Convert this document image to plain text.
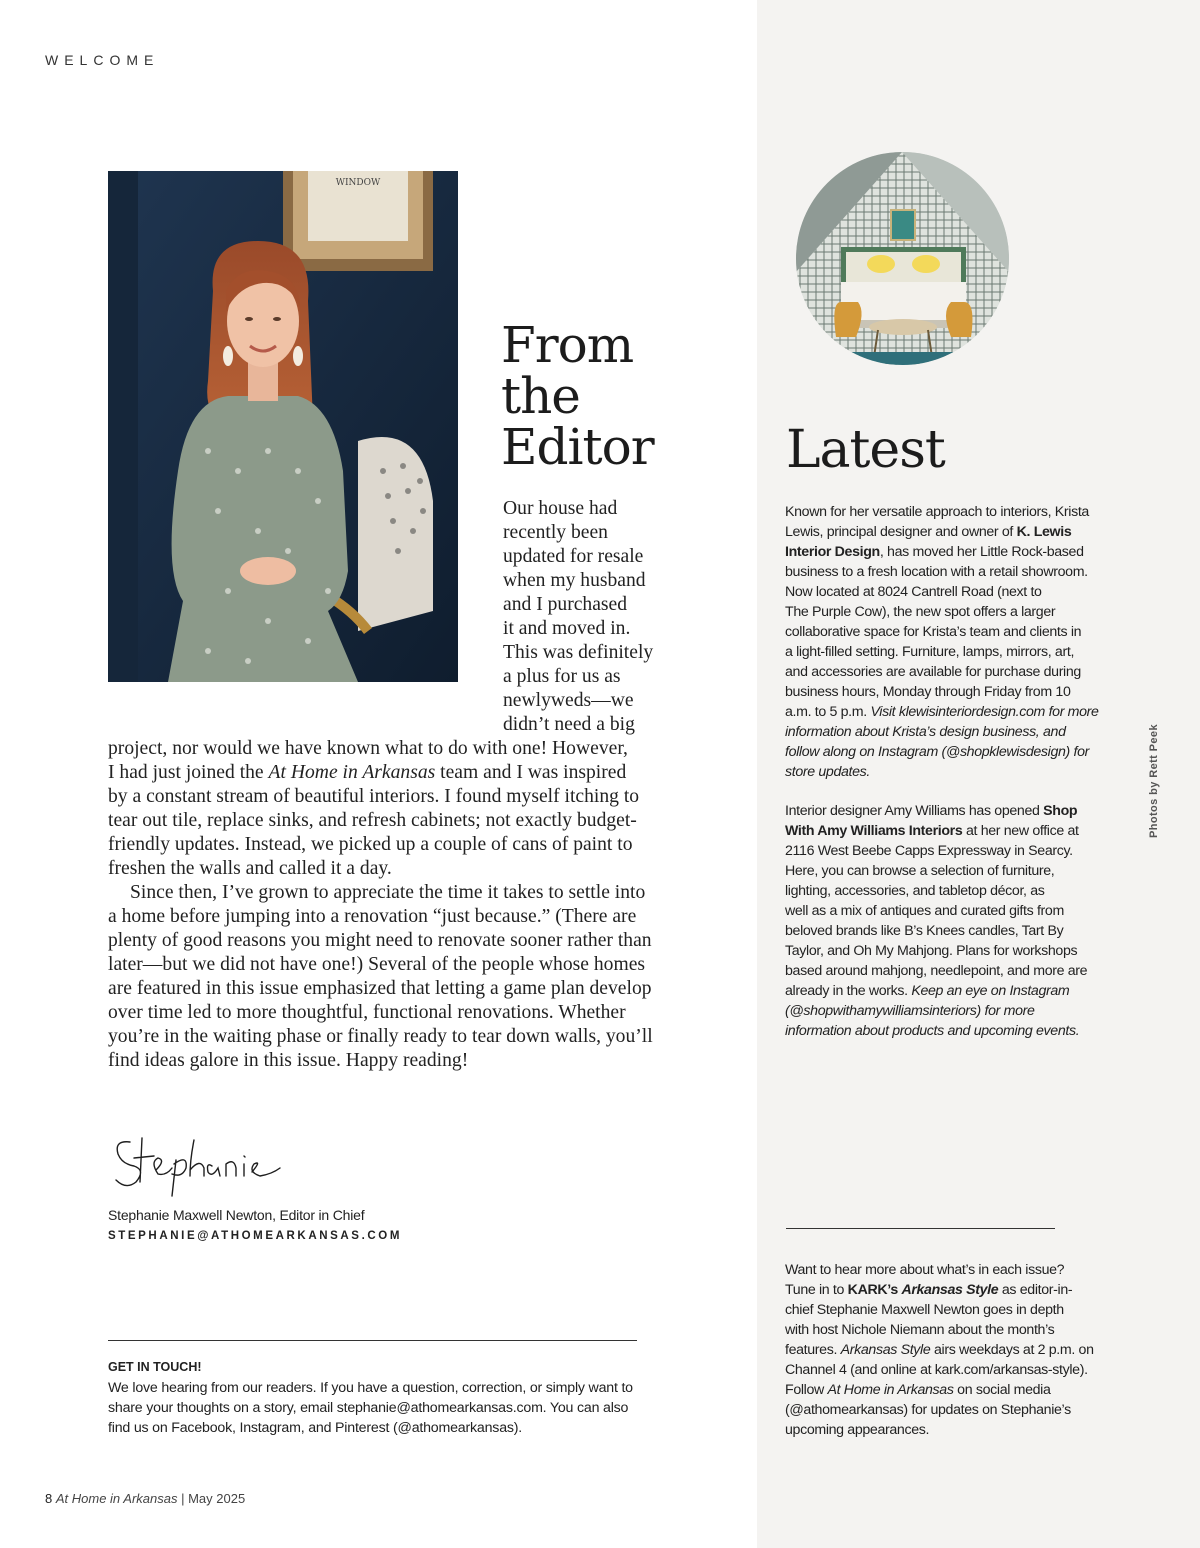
WELCOME
WINDOW
From
the
Editor
Our house had
recently been
updated for resale
when my husband
and I purchased
it and moved in.
This was definitely
a plus for us as
newlyweds—we
didn’t need a big
project, nor would we have known what to do with one! However,
I had just joined the At Home in Arkansas team and I was inspired
by a constant stream of beautiful interiors. I found myself itching to
tear out tile, replace sinks, and refresh cabinets; not exactly budget-
friendly updates. Instead, we picked up a couple of cans of paint to
freshen the walls and called it a day.
Since then, I’ve grown to appreciate the time it takes to settle into
a home before jumping into a renovation “just because.” (There are
plenty of good reasons you might need to renovate sooner rather than
later—but we did not have one!) Several of the people whose homes
are featured in this issue emphasized that letting a game plan develop
over time led to more thoughtful, functional renovations. Whether
you’re in the waiting phase or finally ready to tear down walls, you’ll
find ideas galore in this issue. Happy reading!
Stephanie Maxwell Newton, Editor in Chief
STEPHANIE@ATHOMEARKANSAS.COM
GET IN TOUCH!
We love hearing from our readers. If you have a question, correction, or simply want to
share your thoughts on a story, email stephanie@athomearkansas.com. You can also
find us on Facebook, Instagram, and Pinterest (@athomearkansas).
8 At Home in Arkansas | May 2025
Latest
Known for her versatile approach to interiors, Krista
Lewis, principal designer and owner of K. Lewis
Interior Design, has moved her Little Rock-based
business to a fresh location with a retail showroom.
Now located at 8024 Cantrell Road (next to
The Purple Cow), the new spot offers a larger
collaborative space for Krista’s team and clients in
a light-filled setting. Furniture, lamps, mirrors, art,
and accessories are available for purchase during
business hours, Monday through Friday from 10
a.m. to 5 p.m. Visit klewisinteriordesign.com for more
information about Krista’s design business, and
follow along on Instagram (@shopklewisdesign) for
store updates.
Interior designer Amy Williams has opened Shop
With Amy Williams Interiors at her new office at
2116 West Beebe Capps Expressway in Searcy.
Here, you can browse a selection of furniture,
lighting, accessories, and tabletop décor, as
well as a mix of antiques and curated gifts from
beloved brands like B’s Knees candles, Tart By
Taylor, and Oh My Mahjong. Plans for workshops
based around mahjong, needlepoint, and more are
already in the works. Keep an eye on Instagram
(@shopwithamywilliamsinteriors) for more
information about products and upcoming events.
Want to hear more about what’s in each issue?
Tune in to KARK’s Arkansas Style as editor-in-
chief Stephanie Maxwell Newton goes in depth
with host Nichole Niemann about the month’s
features. Arkansas Style airs weekdays at 2 p.m. on
Channel 4 (and online at kark.com/arkansas-style).
Follow At Home in Arkansas on social media
(@athomearkansas) for updates on Stephanie’s
upcoming appearances.
Photos by Rett Peek
